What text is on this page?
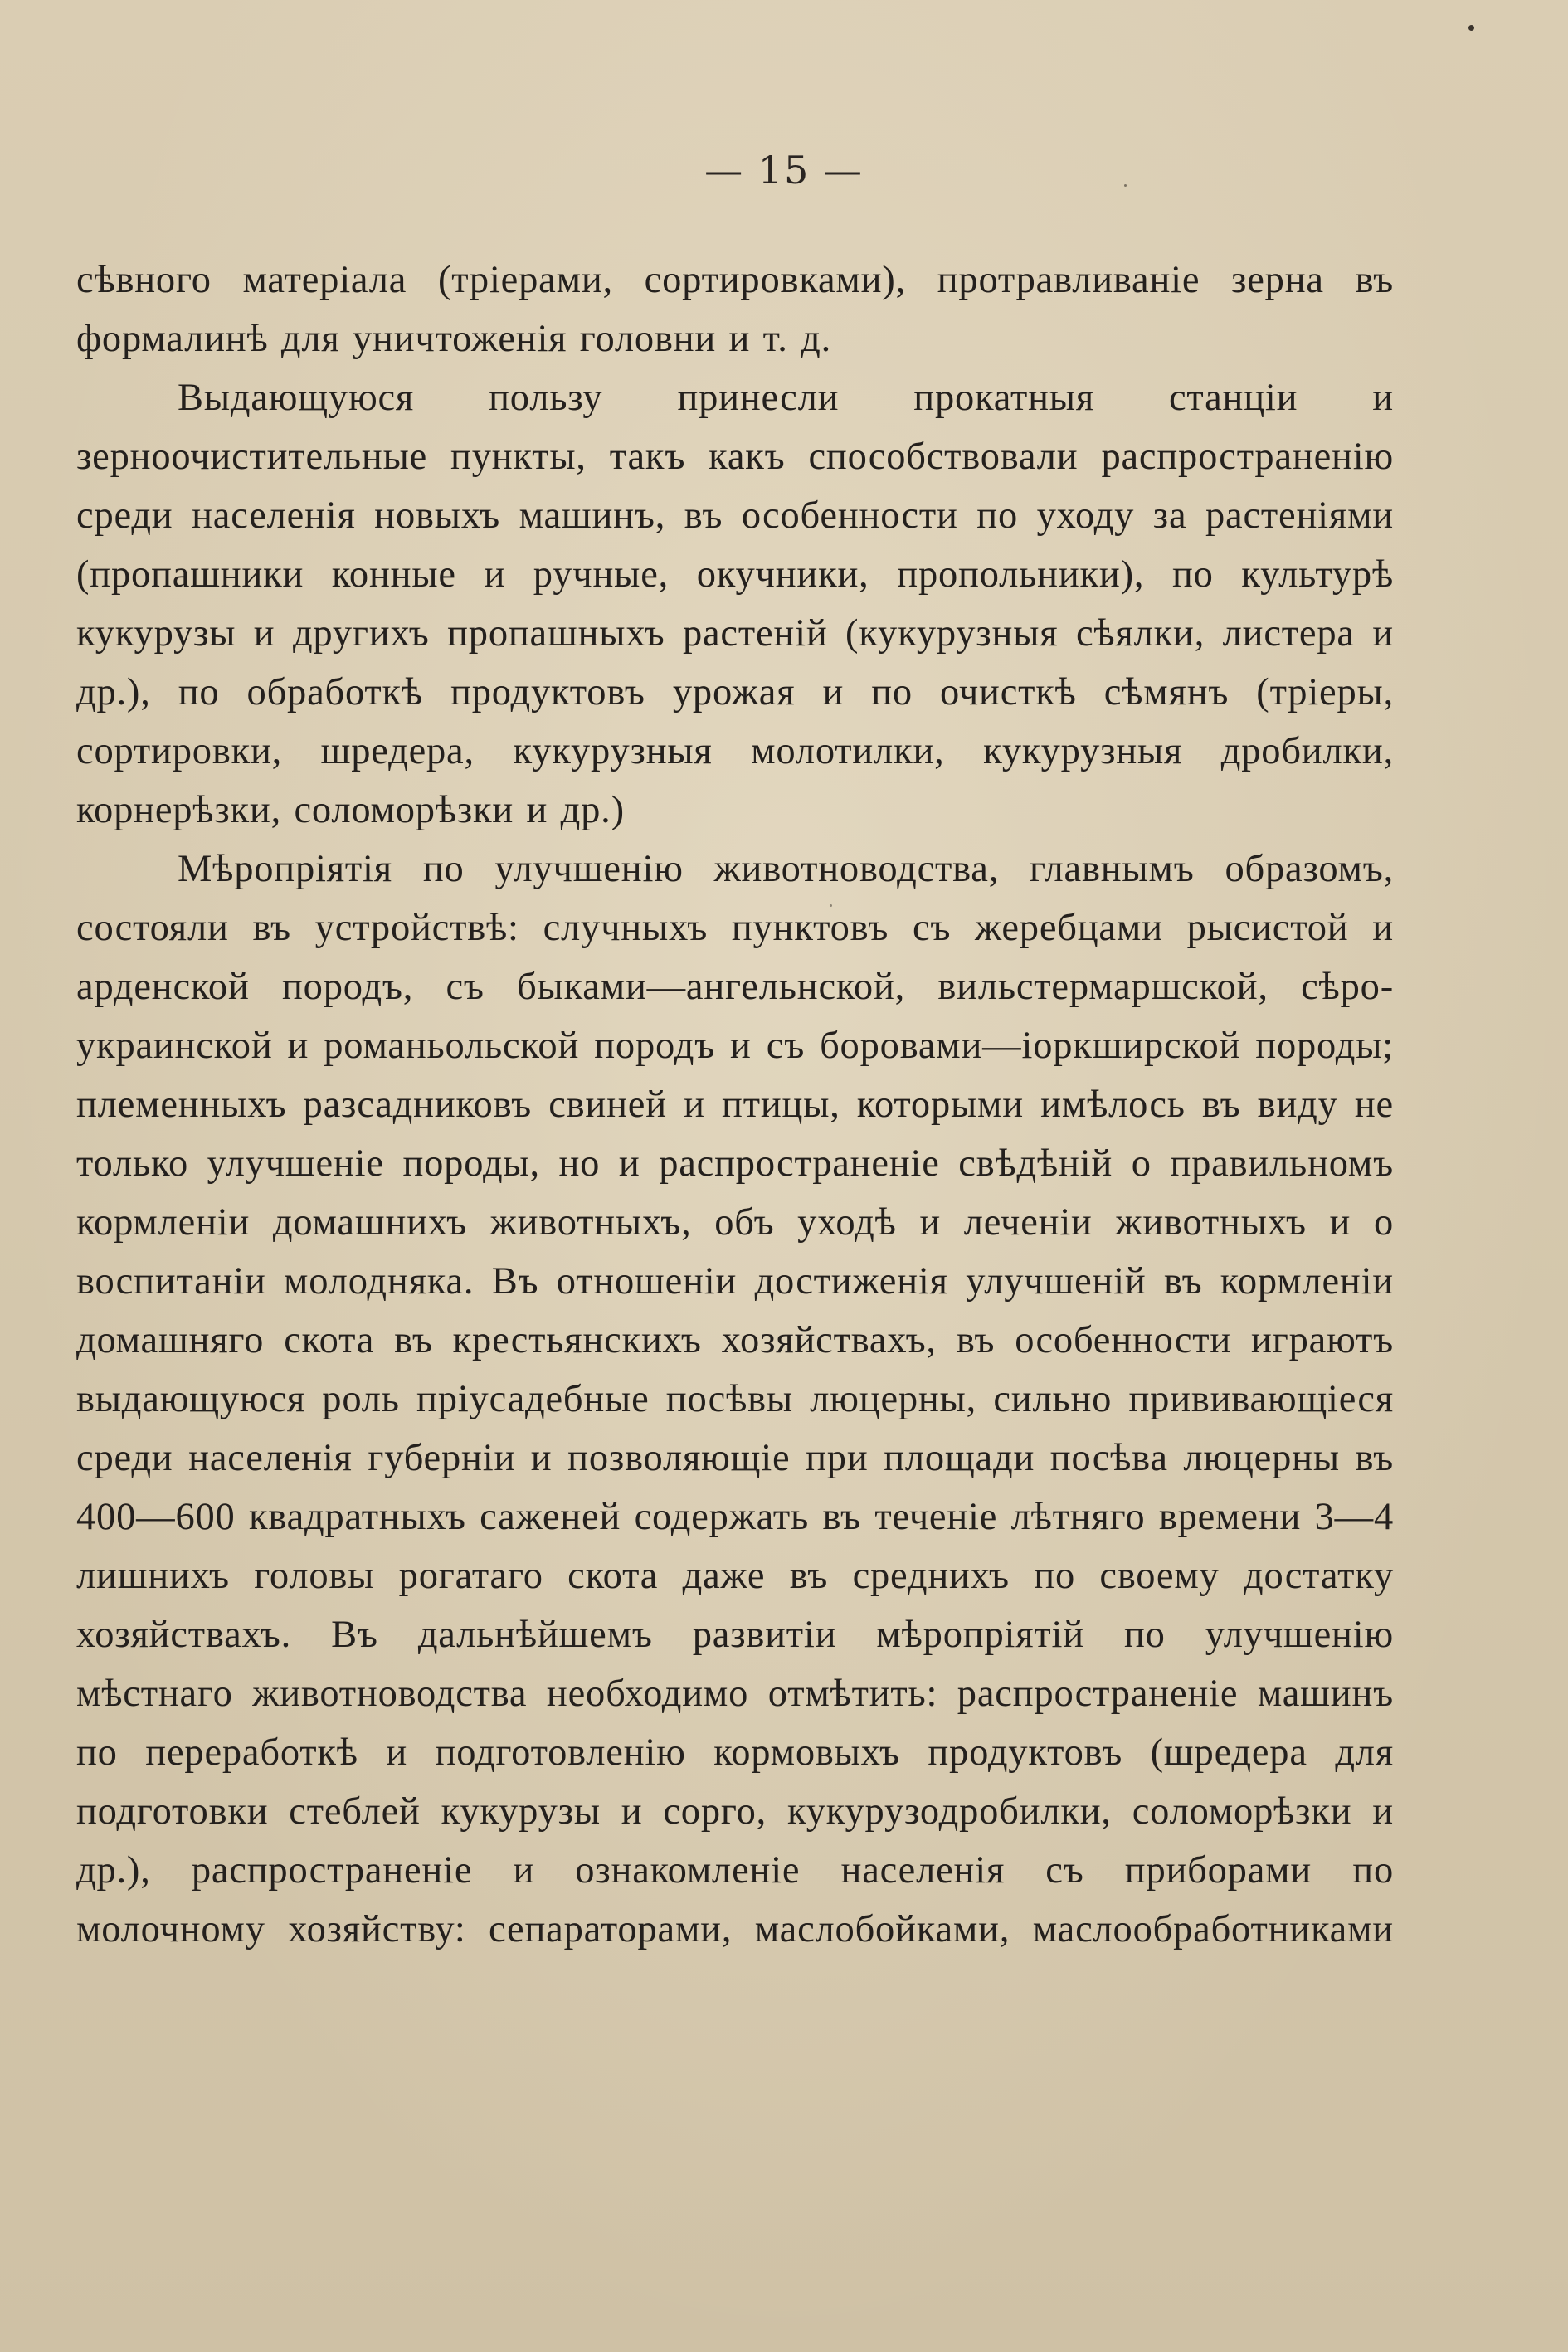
— 15 —

сѣвного матеріала (тріерами, сортировками), протравливаніе зерна въ формалинѣ для уничтоженія головни и т. д.

Выдающуюся пользу принесли прокатныя станціи и зерноочистительные пункты, такъ какъ способствовали распространенію среди населенія новыхъ машинъ, въ особенности по уходу за растеніями (пропашники конные и ручные, окучники, пропольники), по культурѣ кукурузы и другихъ пропашныхъ растеній (кукурузныя сѣялки, листера и др.), по обработкѣ продуктовъ урожая и по очисткѣ сѣмянъ (тріеры, сортировки, шредера, кукурузныя молотилки, кукурузныя дробилки, корнерѣзки, соломорѣзки и др.)

Мѣропріятія по улучшенію животноводства, главнымъ образомъ, состояли въ устройствѣ: случныхъ пунктовъ съ жеребцами рысистой и арденской породъ, съ быками—ангельнской, вильстермаршской, сѣро-украинской и романьольской породъ и съ боровами—іоркширской породы; племенныхъ разсадниковъ свиней и птицы, которыми имѣлось въ виду не только улучшеніе породы, но и распространеніе свѣдѣній о правильномъ кормленіи домашнихъ животныхъ, объ уходѣ и леченіи животныхъ и о воспитаніи молодняка. Въ отношеніи достиженія улучшеній въ кормленіи домашняго скота въ крестьянскихъ хозяйствахъ, въ особенности играютъ выдающуюся роль пріусадебные посѣвы люцерны, сильно прививающіеся среди населенія губерніи и позволяющіе при площади посѣва люцерны въ 400—600 квадратныхъ саженей содержать въ теченіе лѣтняго времени 3—4 лишнихъ головы рогатаго скота даже въ среднихъ по своему достатку хозяйствахъ. Въ дальнѣйшемъ развитіи мѣропріятій по улучшенію мѣстнаго животноводства необходимо отмѣтить: распространеніе машинъ по переработкѣ и подготовленію кормовыхъ продуктовъ (шредера для подготовки стеблей кукурузы и сорго, кукурузодробилки, соломорѣзки и др.), распространеніе и ознакомленіе населенія съ приборами по молочному хозяйству: сепараторами, маслобойками, маслообработниками
